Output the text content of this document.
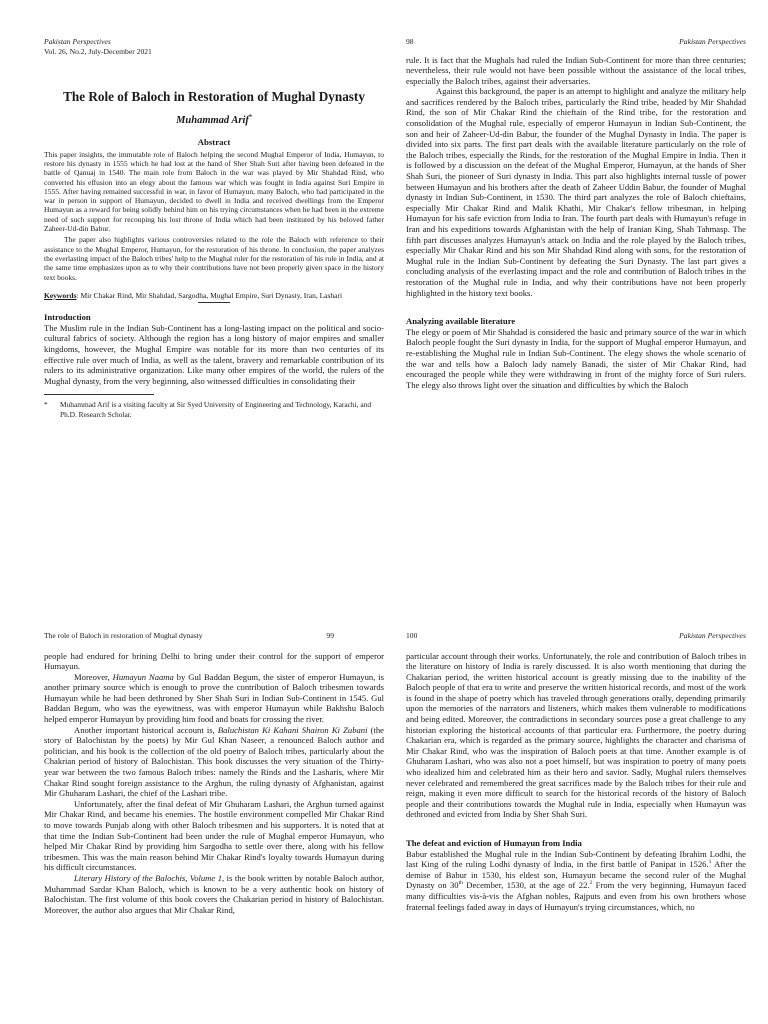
Pakistan Perspectives
Vol. 26, No.2, July-December 2021
The Role of Baloch in Restoration of Mughal Dynasty
Muhammad Arif*
Abstract

This paper insights, the immutable role of Baloch helping the second Mughal Emperor of India, Humayun, to restore his dynasty in 1555 which he had lost at the hand of Sher Shah Suri after having been defeated in the battle of Qanuaj in 1540. The main role from Baloch in the war was played by Mir Shahdad Rind, who converted his effusion into an elegy about the famous war which was fought in India against Suri Empire in 1555. After having remained successful in war, in favor of Humayun, many Baloch, who had participated in the war in person in support of Humayun, decided to dwell in India and received dwellings from the Emperor Humayun as a reward for being solidly behind him on his trying circumstances when he had been in the extreme need of such support for recouping his lost throne of India which had been instituted by his beloved father Zaheer-Ud-din Babur.

The paper also highlights various controversies related to the role the Baloch with reference to their assistance to the Mughal Emperor, Humayun, for the restoration of his throne. In conclusion, the paper analyzes the everlasting impact of the Baloch tribes' help to the Mughal ruler for the restoration of his rule in India, and at the same time emphasizes upon as to why their contributions have not been properly given space in the history text books.

Keywords: Mir Chakar Rind, Mir Shahdad, Sargodha, Mughal Empire, Suri Dynasty, Iran, Lashari
Introduction

The Muslim rule in the Indian Sub-Continent has a long-lasting impact on the political and socio-cultural fabrics of society. Although the region has a long history of major empires and smaller kingdoms, however, the Mughal Empire was notable for its more than two centuries of its effective rule over much of India, as well as the talent, bravery and remarkable contribution of its rulers to its administrative organization. Like many other empires of the world, the rulers of the Mughal dynasty, from the very beginning, also witnessed difficulties in consolidating their

*	Muhammad Arif is a visiting faculty at Sir Syed University of Engineering and Technology, Karachi, and Ph.D. Research Scholar.
98	Pakistan Perspectives

rule. It is fact that the Mughals had ruled the Indian Sub-Continent for more than three centuries; nevertheless, their rule would not have been possible without the assistance of the local tribes, especially the Baloch tribes, against their adversaries.

Against this background, the paper is an attempt to highlight and analyze the military help and sacrifices rendered by the Baloch tribes, particularly the Rind tribe, headed by Mir Shahdad Rind, the son of Mir Chakar Rind the chieftain of the Rind tribe, for the restoration and consolidation of the Mughal rule, especially of emperor Humayun in Indian Sub-Continent, the son and heir of Zaheer-Ud-din Babur, the founder of the Mughal Dynasty in India. The paper is divided into six parts. The first part deals with the available literature particularly on the role of the Baloch tribes, especially the Rinds, for the restoration of the Mughal Empire in India. Then it is followed by a discussion on the defeat of the Mughal Emperor, Humayun, at the hands of Sher Shah Suri, the pioneer of Suri dynasty in India. This part also highlights internal tussle of power between Humayun and his brothers after the death of Zaheer Uddin Babur, the founder of Mughal dynasty in Indian Sub-Continent, in 1530. The third part analyzes the role of Baloch chieftains, especially Mir Chakar Rind and Malik Khathi, Mir Chakar's fellow tribesman, in helping Humayun for his safe eviction from India to Iran. The fourth part deals with Humayun's refuge in Iran and his expeditions towards Afghanistan with the help of Iranian King, Shah Tahmasp. The fifth part discusses analyzes Humayun's attack on India and the role played by the Baloch tribes, especially Mir Chakar Rind and his son Mir Shahdad Rind along with sons, for the restoration of Mughal rule in the Indian Sub-Continent by defeating the Suri Dynasty. The last part gives a concluding analysis of the everlasting impact and the role and contribution of Baloch tribes in the restoration of the Mughal rule in India, and why their contributions have not been properly highlighted in the history text books.

Analyzing available literature

The elegy or poem of Mir Shahdad is considered the basic and primary source of the war in which Baloch people fought the Suri dynasty in India, for the support of Mughal emperor Humayun, and re-establishing the Mughal rule in Indian Sub-Continent. The elegy shows the whole scenario of the war and tells how a Baloch lady namely Banadi, the sister of Mir Chakar Rind, had encouraged the people while they were withdrawing in front of the mighty force of Suri rulers. The elegy also throws light over the situation and difficulties by which the Baloch

The role of Baloch in restoration of Mughal dynasty	99

people had endured for brining Delhi to bring under their control for the support of emperor Humayun.

Moreover, Humayun Naama by Gul Baddan Begum, the sister of emperor Humayun, is another primary source which is enough to prove the contribution of Baloch tribesmen towards Humayun while he had been dethroned by Sher Shah Suri in Indian Sub-Continent in 1545. Gul Baddan Begum, who was the eyewitness, was with emperor Humayun while Bakhshu Baloch helped emperor Humayun by providing him food and boats for crossing the river.

Another important historical account is, Baluchistan Ki Kahani Shairon Ki Zubani (the story of Balochistan by the poets) by Mir Gul Khan Naseer, a renounced Baloch author and politician, and his book is the collection of the old poetry of Baloch tribes, particularly about the Chakrian period of history of Balochistan. This book discusses the very situation of the Thirty-year war between the two famous Baloch tribes: namely the Rinds and the Lasharis, where Mir Chakar Rind sought foreign assistance to the Arghun, the ruling dynasty of Afghanistan, against Mir Ghuharam Lashari, the chief of the Lashari tribe.

Unfortunately, after the final defeat of Mir Ghuharam Lashari, the Arghun turned against Mir Chakar Rind, and became his enemies. The hostile environment compelled Mir Chakar Rind to move towards Punjab along with other Baloch tribesmen and his supporters. It is noted that at that time the Indian Sub-Continent had been under the rule of Mughal emperor Humayun, who helped Mir Chakar Rind by providing him Sargodha to settle over there, along with his fellow tribesmen. This was the main reason behind Mir Chakar Rind's loyalty towards Humayun during his difficult circumstances.

Literary History of the Balochis, Volume 1, is the book written by notable Baloch author, Muhammad Sardar Khan Baloch, which is known to be a very authentic book on history of Balochistan. The first volume of this book covers the Chakarian period in history of Balochistan. Moreover, the author also argues that Mir Chakar Rind,

100	Pakistan Perspectives

particular account through their works. Unfortunately, the role and contribution of Baloch tribes in the literature on history of India is rarely discussed. It is also worth mentioning that during the Chakarian period, the written historical account is greatly missing due to the inability of the Baloch people of that era to write and preserve the written historical records, and most of the work is found in the shape of poetry which has traveled through generations orally, depending primarily upon the memories of the narrators and listeners, which makes them vulnerable to modifications and being edited. Moreover, the contradictions in secondary sources pose a great challenge to any historian exploring the historical accounts of that particular era. Furthermore, the poetry during Chakarian era, which is regarded as the primary source, highlights the character and charisma of Mir Chakar Rind, who was the inspiration of Baloch poets at that time. Another example is of Ghuharam Lashari, who was also not a poet himself, but was inspiration to poetry of many poets who idealized him and celebrated him as their hero and savior. Sadly, Mughal rulers themselves never celebrated and remembered the great sacrifices made by the Baloch tribes for their rule and reign, making it even more difficult to search for the historical records of the history of Baloch people and their contributions towards the Mughal rule in India, especially when Humayun was dethroned and evicted from India by Sher Shah Suri.

The defeat and eviction of Humayun from India

Babur established the Mughal rule in the Indian Sub-Continent by defeating Ibrahim Lodhi, the last King of the ruling Lodhi dynasty of India, in the first battle of Panipat in 1526.$^1$ After the demise of Babur in 1530, his eldest son, Humayun became the second ruler of the Mughal Dynasty on 30th December, 1530, at the age of 22.$^2$ From the very beginning, Humayun faced many difficulties vis-à-vis the Afghan nobles, Rajputs and even from his own brothers whose fraternal feelings faded away in days of Humayun's trying circumstances, which, no
